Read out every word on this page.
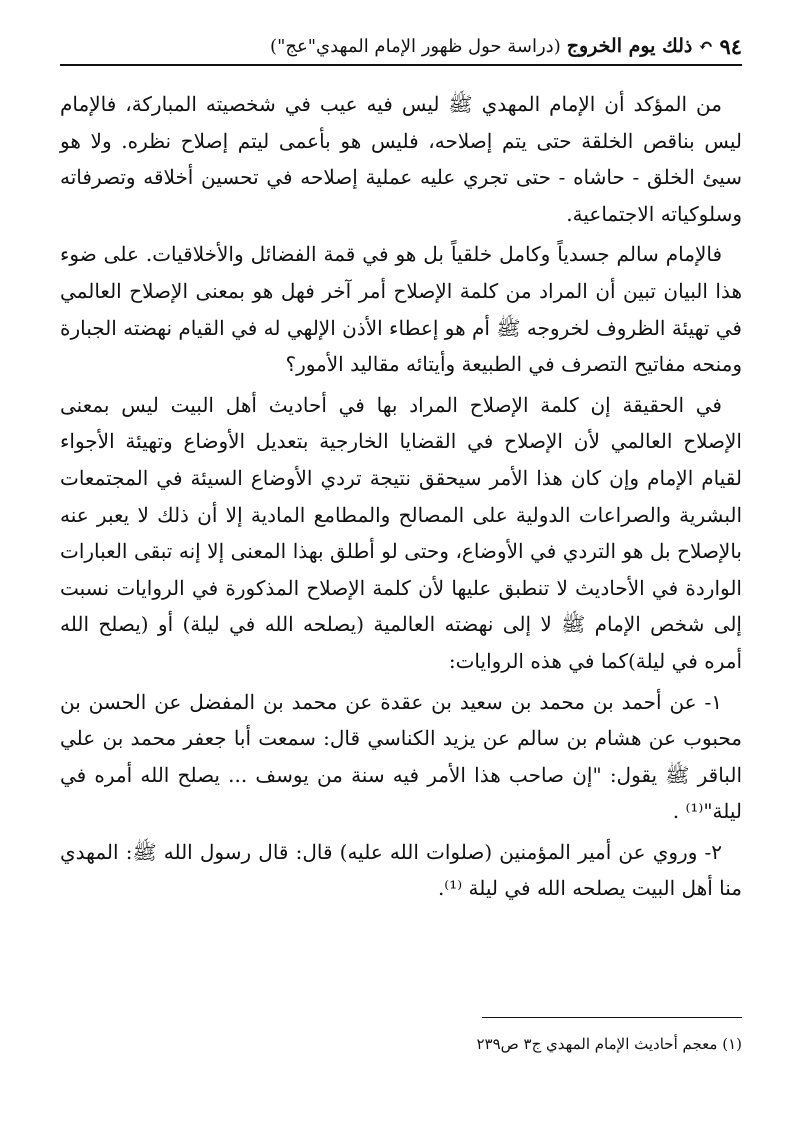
٩٤
↶
ذلك يوم الخروج
(دراسة حول ظهور الإمام المهدي"عج")

من المؤكد أن الإمام المهدي ﷺ ليس فيه عيب في شخصيته المباركة، فالإمام ليس بناقص الخلقة حتى يتم إصلاحه، فليس هو بأعمى ليتم إصلاح نظره. ولا هو سيئ الخلق - حاشاه - حتى تجري عليه عملية إصلاحه في تحسين أخلاقه وتصرفاته وسلوكياته الاجتماعية.

فالإمام سالم جسدياً وكامل خلقياً بل هو في قمة الفضائل والأخلاقيات. على ضوء هذا البيان تبين أن المراد من كلمة الإصلاح أمر آخر فهل هو بمعنى الإصلاح العالمي في تهيئة الظروف لخروجه ﷺ أم هو إعطاء الأذن الإلهي له في القيام نهضته الجبارة ومنحه مفاتيح التصرف في الطبيعة وأيتائه مقاليد الأمور؟

في الحقيقة إن كلمة الإصلاح المراد بها في أحاديث أهل البيت ليس بمعنى الإصلاح العالمي لأن الإصلاح في القضايا الخارجية بتعديل الأوضاع وتهيئة الأجواء لقيام الإمام وإن كان هذا الأمر سيحقق نتيجة تردي الأوضاع السيئة في المجتمعات البشرية والصراعات الدولية على المصالح والمطامع المادية إلا أن ذلك لا يعبر عنه بالإصلاح بل هو التردي في الأوضاع، وحتى لو أطلق بهذا المعنى إلا إنه تبقى العبارات الواردة في الأحاديث لا تنطبق عليها لأن كلمة الإصلاح المذكورة في الروايات نسبت إلى شخص الإمام ﷺ لا إلى نهضته العالمية (يصلحه الله في ليلة) أو (يصلح الله أمره في ليلة)كما في هذه الروايات:

١- عن أحمد بن محمد بن سعيد بن عقدة عن محمد بن المفضل عن الحسن بن محبوب عن هشام بن سالم عن يزيد الكناسي قال: سمعت أبا جعفر محمد بن علي الباقر ﷺ يقول: "إن صاحب هذا الأمر فيه سنة من يوسف ... يصلح الله أمره في ليلة"⁽¹⁾ .

٢- وروي عن أمير المؤمنين (صلوات الله عليه) قال: قال رسول الله ﷺ: المهدي منا أهل البيت يصلحه الله في ليلة ⁽¹⁾.

(١) معجم أحاديث الإمام المهدي ج٣ ص٢٣٩
